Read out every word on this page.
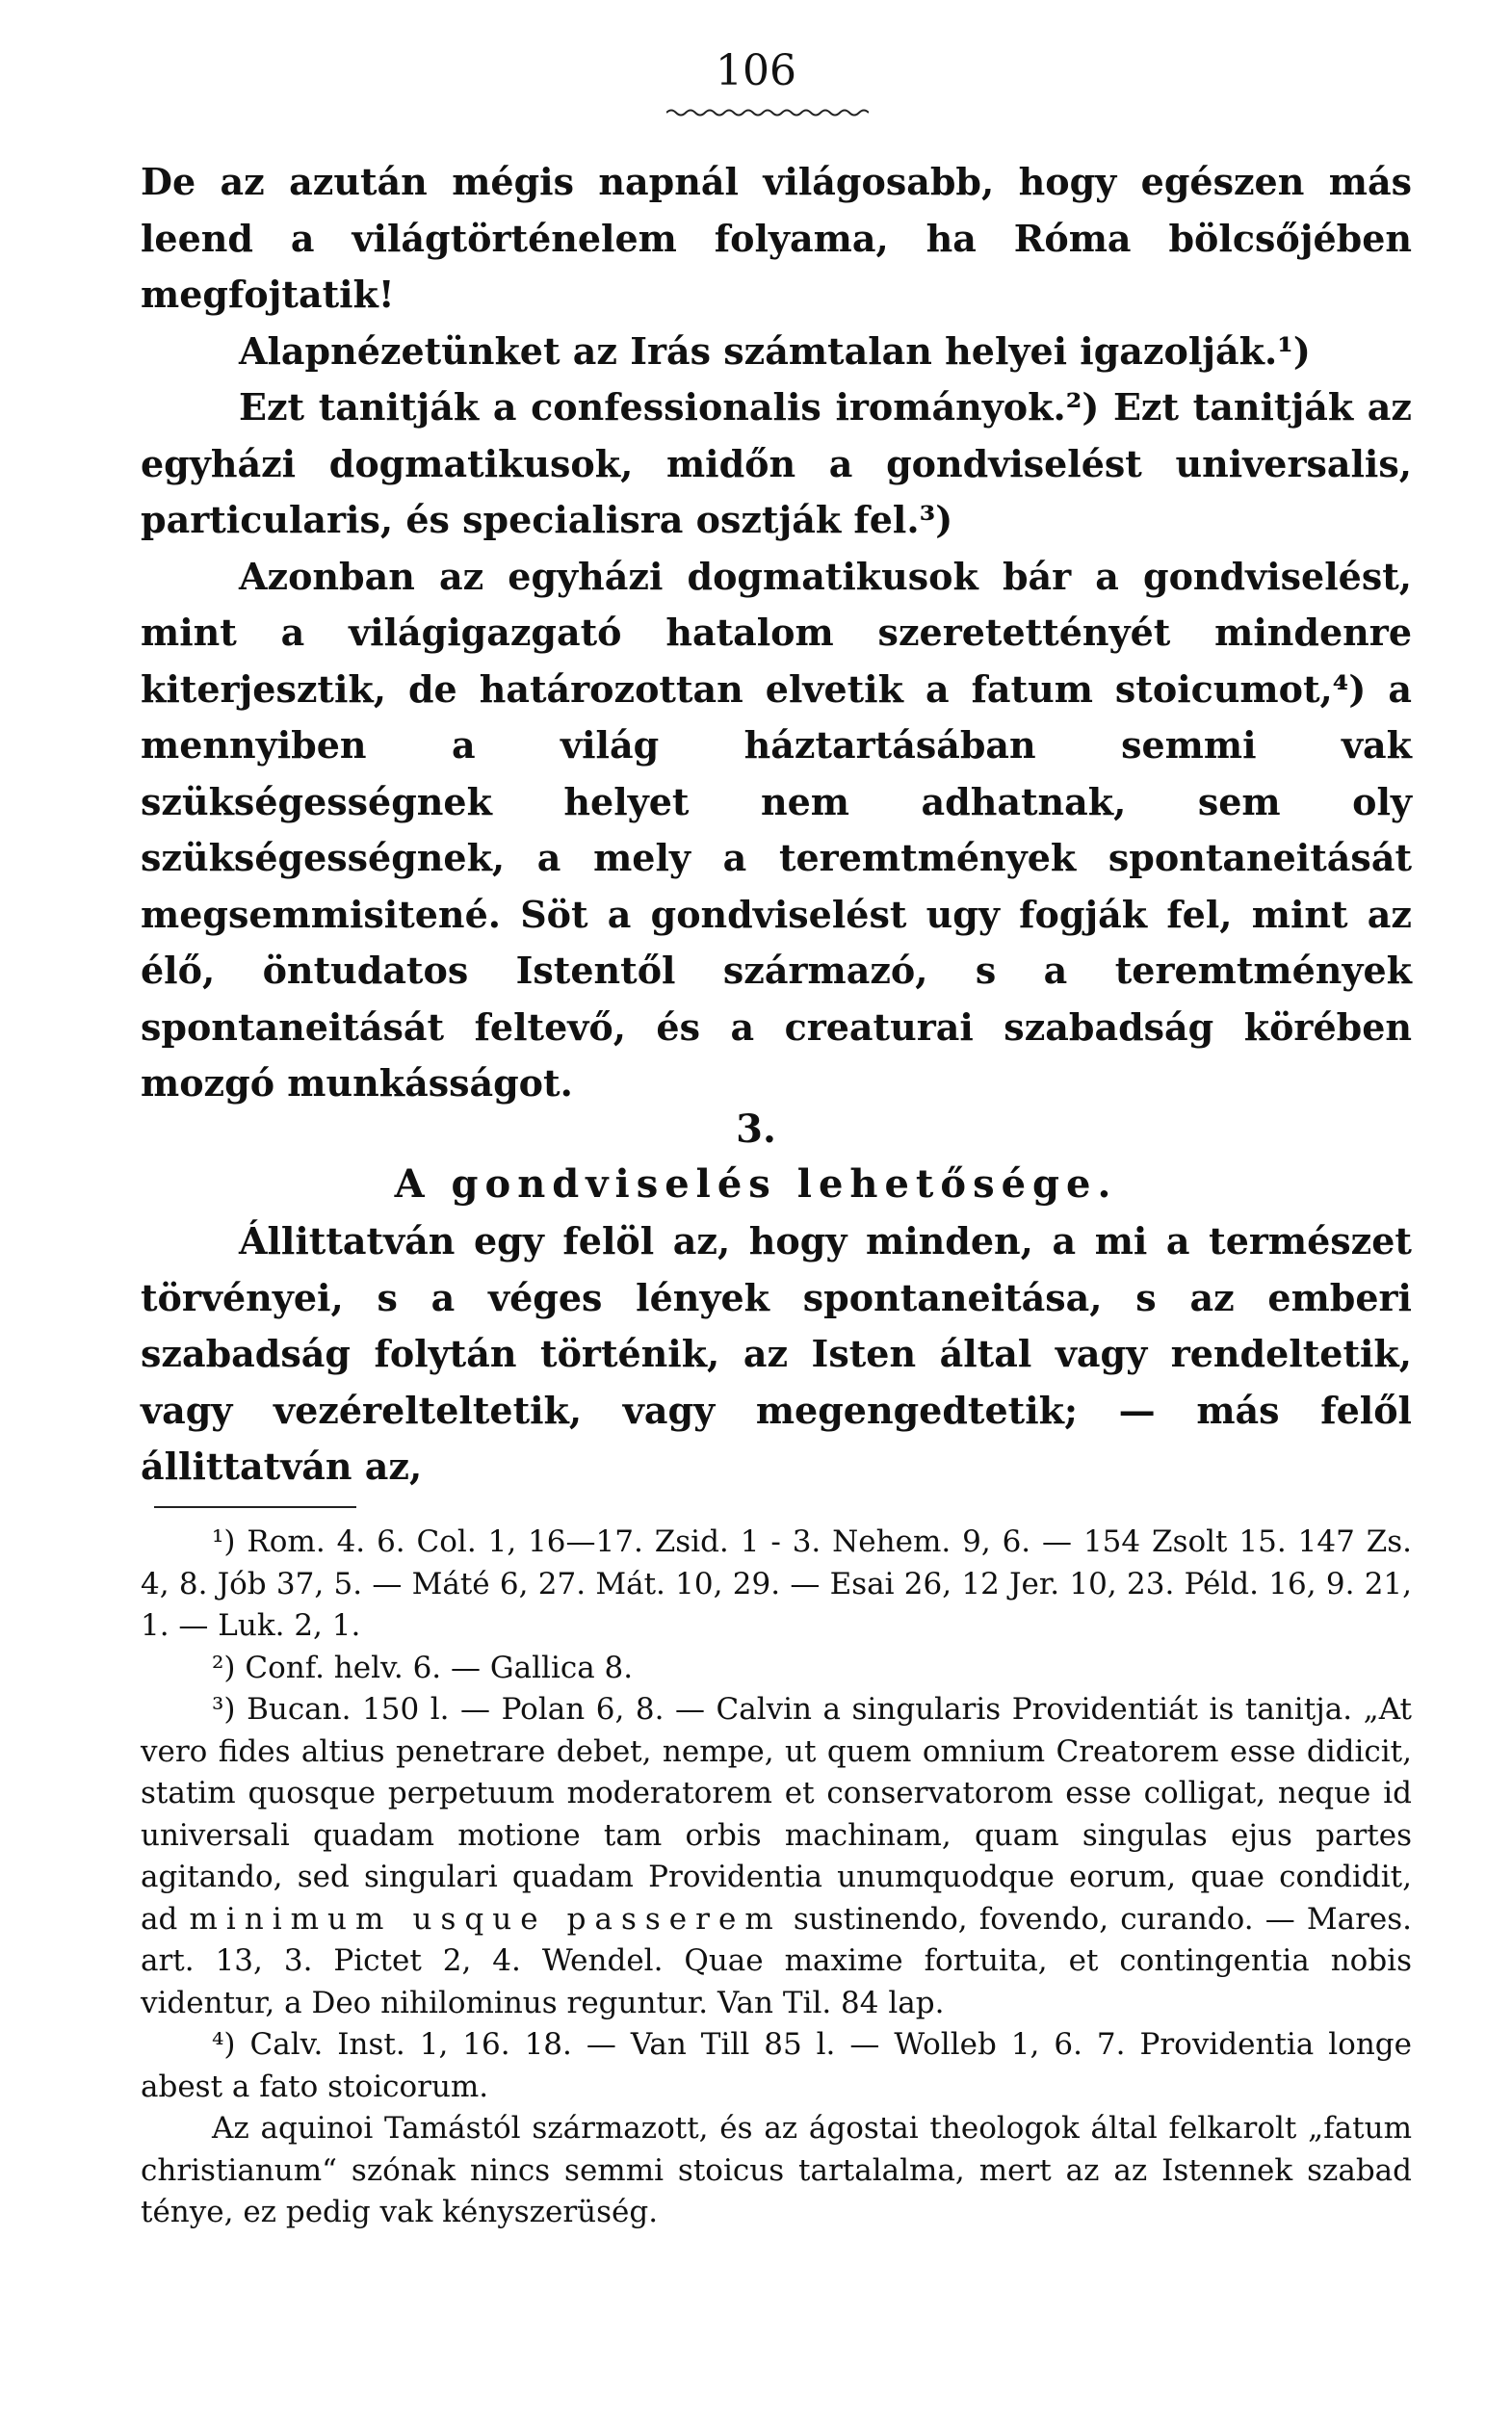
106

De az azután mégis napnál világosabb, hogy egészen más leend a világtörténelem folyama, ha Róma bölcsőjében megfojtatik!

Alapnézetünket az Irás számtalan helyei igazolják.¹)

Ezt tanitják a confessionalis irományok.²) Ezt tanitják az egyházi dogmatikusok, midőn a gondviselést universalis, particularis, és specialisra osztják fel.³)

Azonban az egyházi dogmatikusok bár a gondviselést, mint a világigazgató hatalom szeretettényét mindenre kiterjesztik, de határozottan elvetik a fatum stoicumot,⁴) a mennyiben a világ háztartásában semmi vak szükségességnek helyet nem adhatnak, sem oly szükségességnek, a mely a teremtmények spontaneitását megsemmisitené. Söt a gondviselést ugy fogják fel, mint az élő, öntudatos Istentől származó, s a teremtmények spontaneitását feltevő, és a creaturai szabadság körében mozgó munkásságot.

3.
A gondviselés lehetősége.

Állittatván egy felöl az, hogy minden, a mi a természet törvényei, s a véges lények spontaneitása, s az emberi szabadság folytán történik, az Isten által vagy rendeltetik, vagy vezérelteltetik, vagy megengedtetik; — más felől állittatván az,

¹) Rom. 4. 6. Col. 1, 16—17. Zsid. 1 - 3. Nehem. 9, 6. — 154 Zsolt 15. 147 Zs. 4, 8. Jób 37, 5. — Máté 6, 27. Mát. 10, 29. — Esai 26, 12 Jer. 10, 23. Péld. 16, 9. 21, 1. — Luk. 2, 1.

²) Conf. helv. 6. — Gallica 8.

³) Bucan. 150 l. — Polan 6, 8. — Calvin a singularis Providentiát is tanitja. „At vero fides altius penetrare debet, nempe, ut quem omnium Creatorem esse didicit, statim quosque perpetuum moderatorem et conservatorom esse colligat, neque id universali quadam motione tam orbis machinam, quam singulas ejus partes agitando, sed singulari quadam Providentia unumquodque eorum, quae condidit, ad minimum usque passerem sustinendo, fovendo, curando. — Mares. art. 13, 3. Pictet 2, 4. Wendel. Quae maxime fortuita, et contingentia nobis videntur, a Deo nihilominus reguntur. Van Til. 84 lap.

⁴) Calv. Inst. 1, 16. 18. — Van Till 85 l. — Wolleb 1, 6. 7. Providentia longe abest a fato stoicorum.

Az aquinoi Tamástól származott, és az ágostai theologok által felkarolt „fatum christianum“ szónak nincs semmi stoicus tartalalma, mert az az Istennek szabad ténye, ez pedig vak kényszerüség.
